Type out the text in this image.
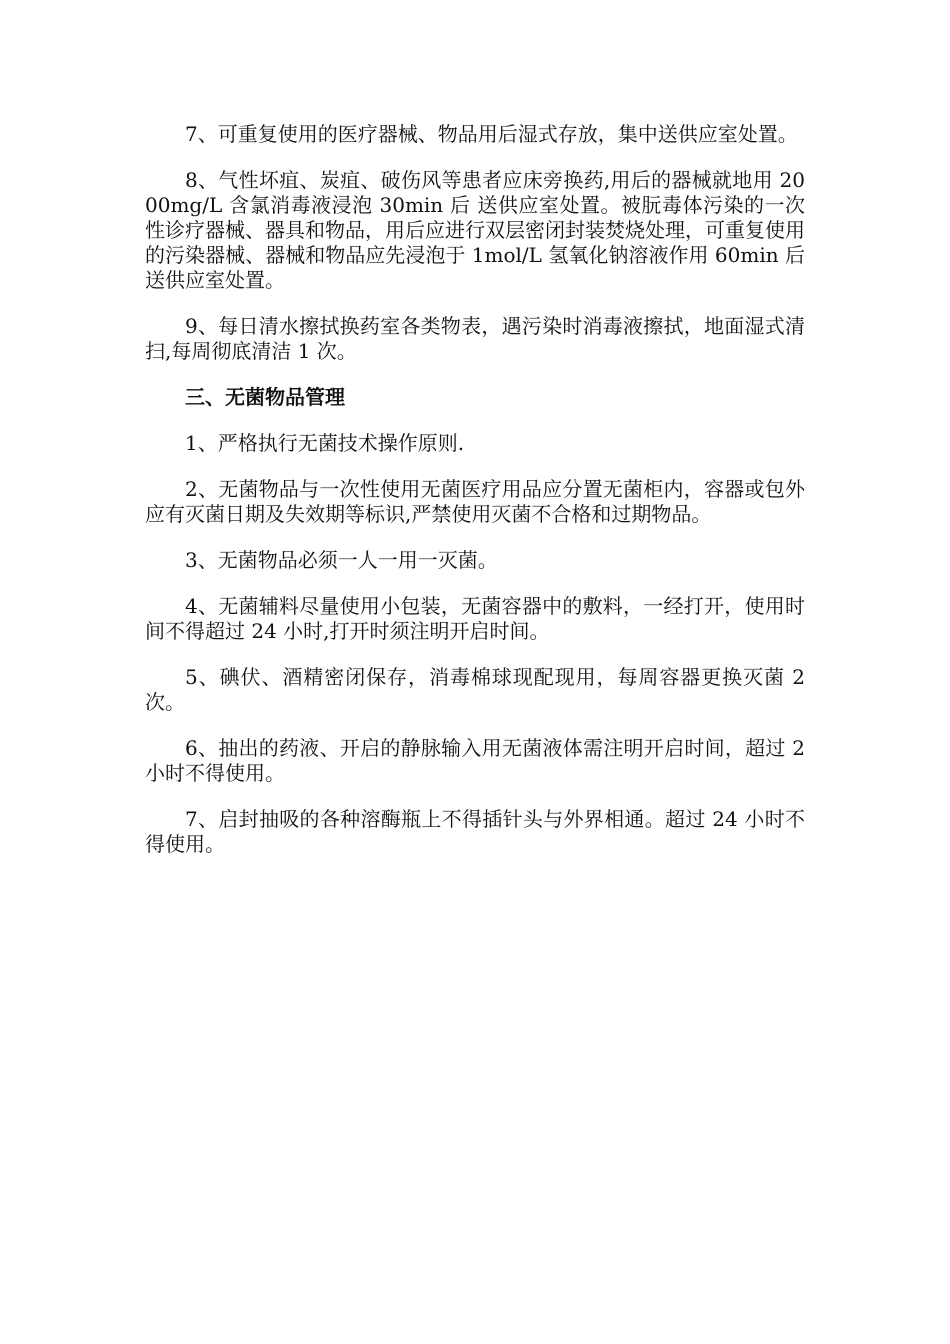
7、可重复使用的医疗器械、物品用后湿式存放，集中送供应室处置。

8、气性坏疽、炭疽、破伤风等患者应床旁换药,用后的器械就地用 2000mg/L 含氯消毒液浸泡 30min 后 送供应室处置。被朊毒体污染的一次性诊疗器械、器具和物品，用后应进行双层密闭封装焚烧处理，可重复使用的污染器械、器械和物品应先浸泡于 1mol/L 氢氧化钠溶液作用 60min 后送供应室处置。

9、每日清水擦拭换药室各类物表，遇污染时消毒液擦拭，地面湿式清扫,每周彻底清洁 1 次。

三、无菌物品管理

1、严格执行无菌技术操作原则.

2、无菌物品与一次性使用无菌医疗用品应分置无菌柜内，容器或包外应有灭菌日期及失效期等标识,严禁使用灭菌不合格和过期物品。

3、无菌物品必须一人一用一灭菌。

4、无菌辅料尽量使用小包装，无菌容器中的敷料，一经打开，使用时间不得超过 24 小时,打开时须注明开启时间。

5、碘伏、酒精密闭保存，消毒棉球现配现用，每周容器更换灭菌 2 次。

6、抽出的药液、开启的静脉输入用无菌液体需注明开启时间，超过 2 小时不得使用。

7、启封抽吸的各种溶酶瓶上不得插针头与外界相通。超过 24 小时不得使用。
